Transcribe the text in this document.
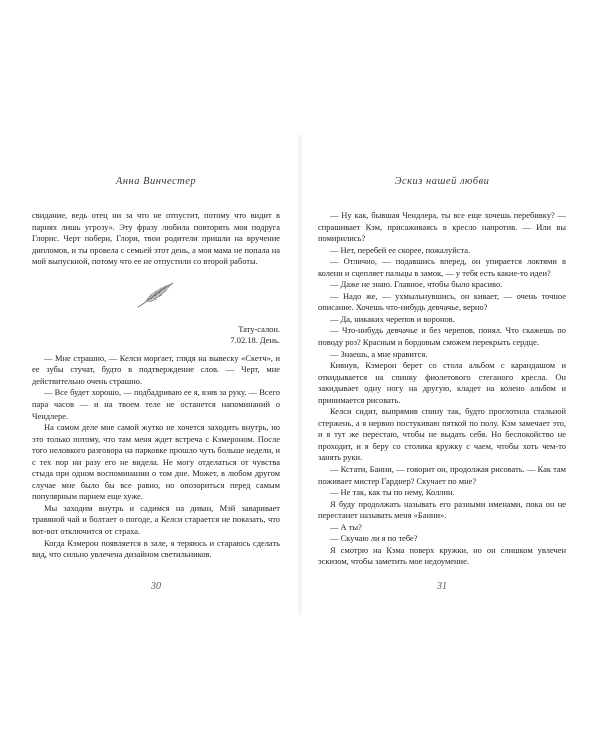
Анна Винчестер

свидание, ведь отец ни за что не отпустит, потому что видит в парнях лишь угрозу». Эту фразу любила повторять моя подруга Глорис. Черт побери, Глори, твои родители пришли на вручение дипломов, и ты провела с семьей этот день, а моя мама не попала на мой выпускной, потому что ее не отпустили со второй работы.

Тату-салон.

7.02.18. День.

— Мне страшно, — Келси моргает, глядя на вывеску «Скетч», и ее зубы стучат, будто в подтверждение слов. — Черт, мне действительно очень страшно.

— Все будет хорошо, — подбадриваю ее я, взяв за руку. — Всего пара часов — и на твоем теле не останется напоминаний о Чендлере.

На самом деле мне самой жутко не хочется заходить внутрь, но это только потому, что там меня ждет встреча с Кэмероном. После того неловкого разговора на парковке прошло чуть больше недели, и с тех пор ни разу его не видела. Не могу отделаться от чувства стыда при одном воспоминании о том дне. Может, в любом другом случае мне было бы все равно, но опозориться перед самым популярным парнем еще хуже.

Мы заходим внутрь и садимся на диван, Мэй заваривает травяной чай и болтает о погоде, а Келси старается не показать, что вот-вот отключится от страха.

Когда Кэмерон появляется в зале, я теряюсь и стараюсь сделать вид, что сильно увлечена дизайном светильников.

30
Эскиз нашей любви

— Ну как, бывшая Чендлера, ты все еще хочешь перебивку? — спрашивает Кэм, присаживаясь в кресло напротив. — Или вы помирились?

— Нет, перебей ее скорее, пожалуйста.

— Отлично, — подавшись вперед, он упирается локтями в колени и сцепляет пальцы в замок, — у тебя есть какие-то идеи?

— Даже не знаю. Главное, чтобы было красиво.

— Надо же, — ухмыльнувшись, он кивает, — очень точное описание. Хочешь что-нибудь девчачье, верно?

— Да, никаких черепов и воронов.

— Что-нибудь девчачье и без черепов, понял. Что скажешь по поводу роз? Красным и бордовым сможем перекрыть сердце.

— Знаешь, а мне нравится.

Кивнув, Кэмерон берет со стола альбом с карандашом и откидывается на спинку фиолетового стеганого кресла. Он закидывает одну ногу на другую, кладет на колено альбом и принимается рисовать.

Келси сидит, выпрямив спину так, будто проглотила стальной стержень, а я нервно постукиваю пяткой по полу. Кэм замечает это, и я тут же перестаю, чтобы не выдать себя. Но беспокойство не проходит, и я беру со столика кружку с чаем, чтобы хоть чем-то занять руки.

— Кстати, Банни, — говорит он, продолжая рисовать. — Как там поживает мистер Гарднер? Скучает по мне?

— Не так, как ты по нему, Коллин.

Я буду продолжать называть его разными именами, пока он не перестанет называть меня «Банни».

— А ты?

— Скучаю ли я по тебе?

Я смотрю на Кэма поверх кружки, но он слишком увлечен эскизом, чтобы заметить мое недоумение.

31
